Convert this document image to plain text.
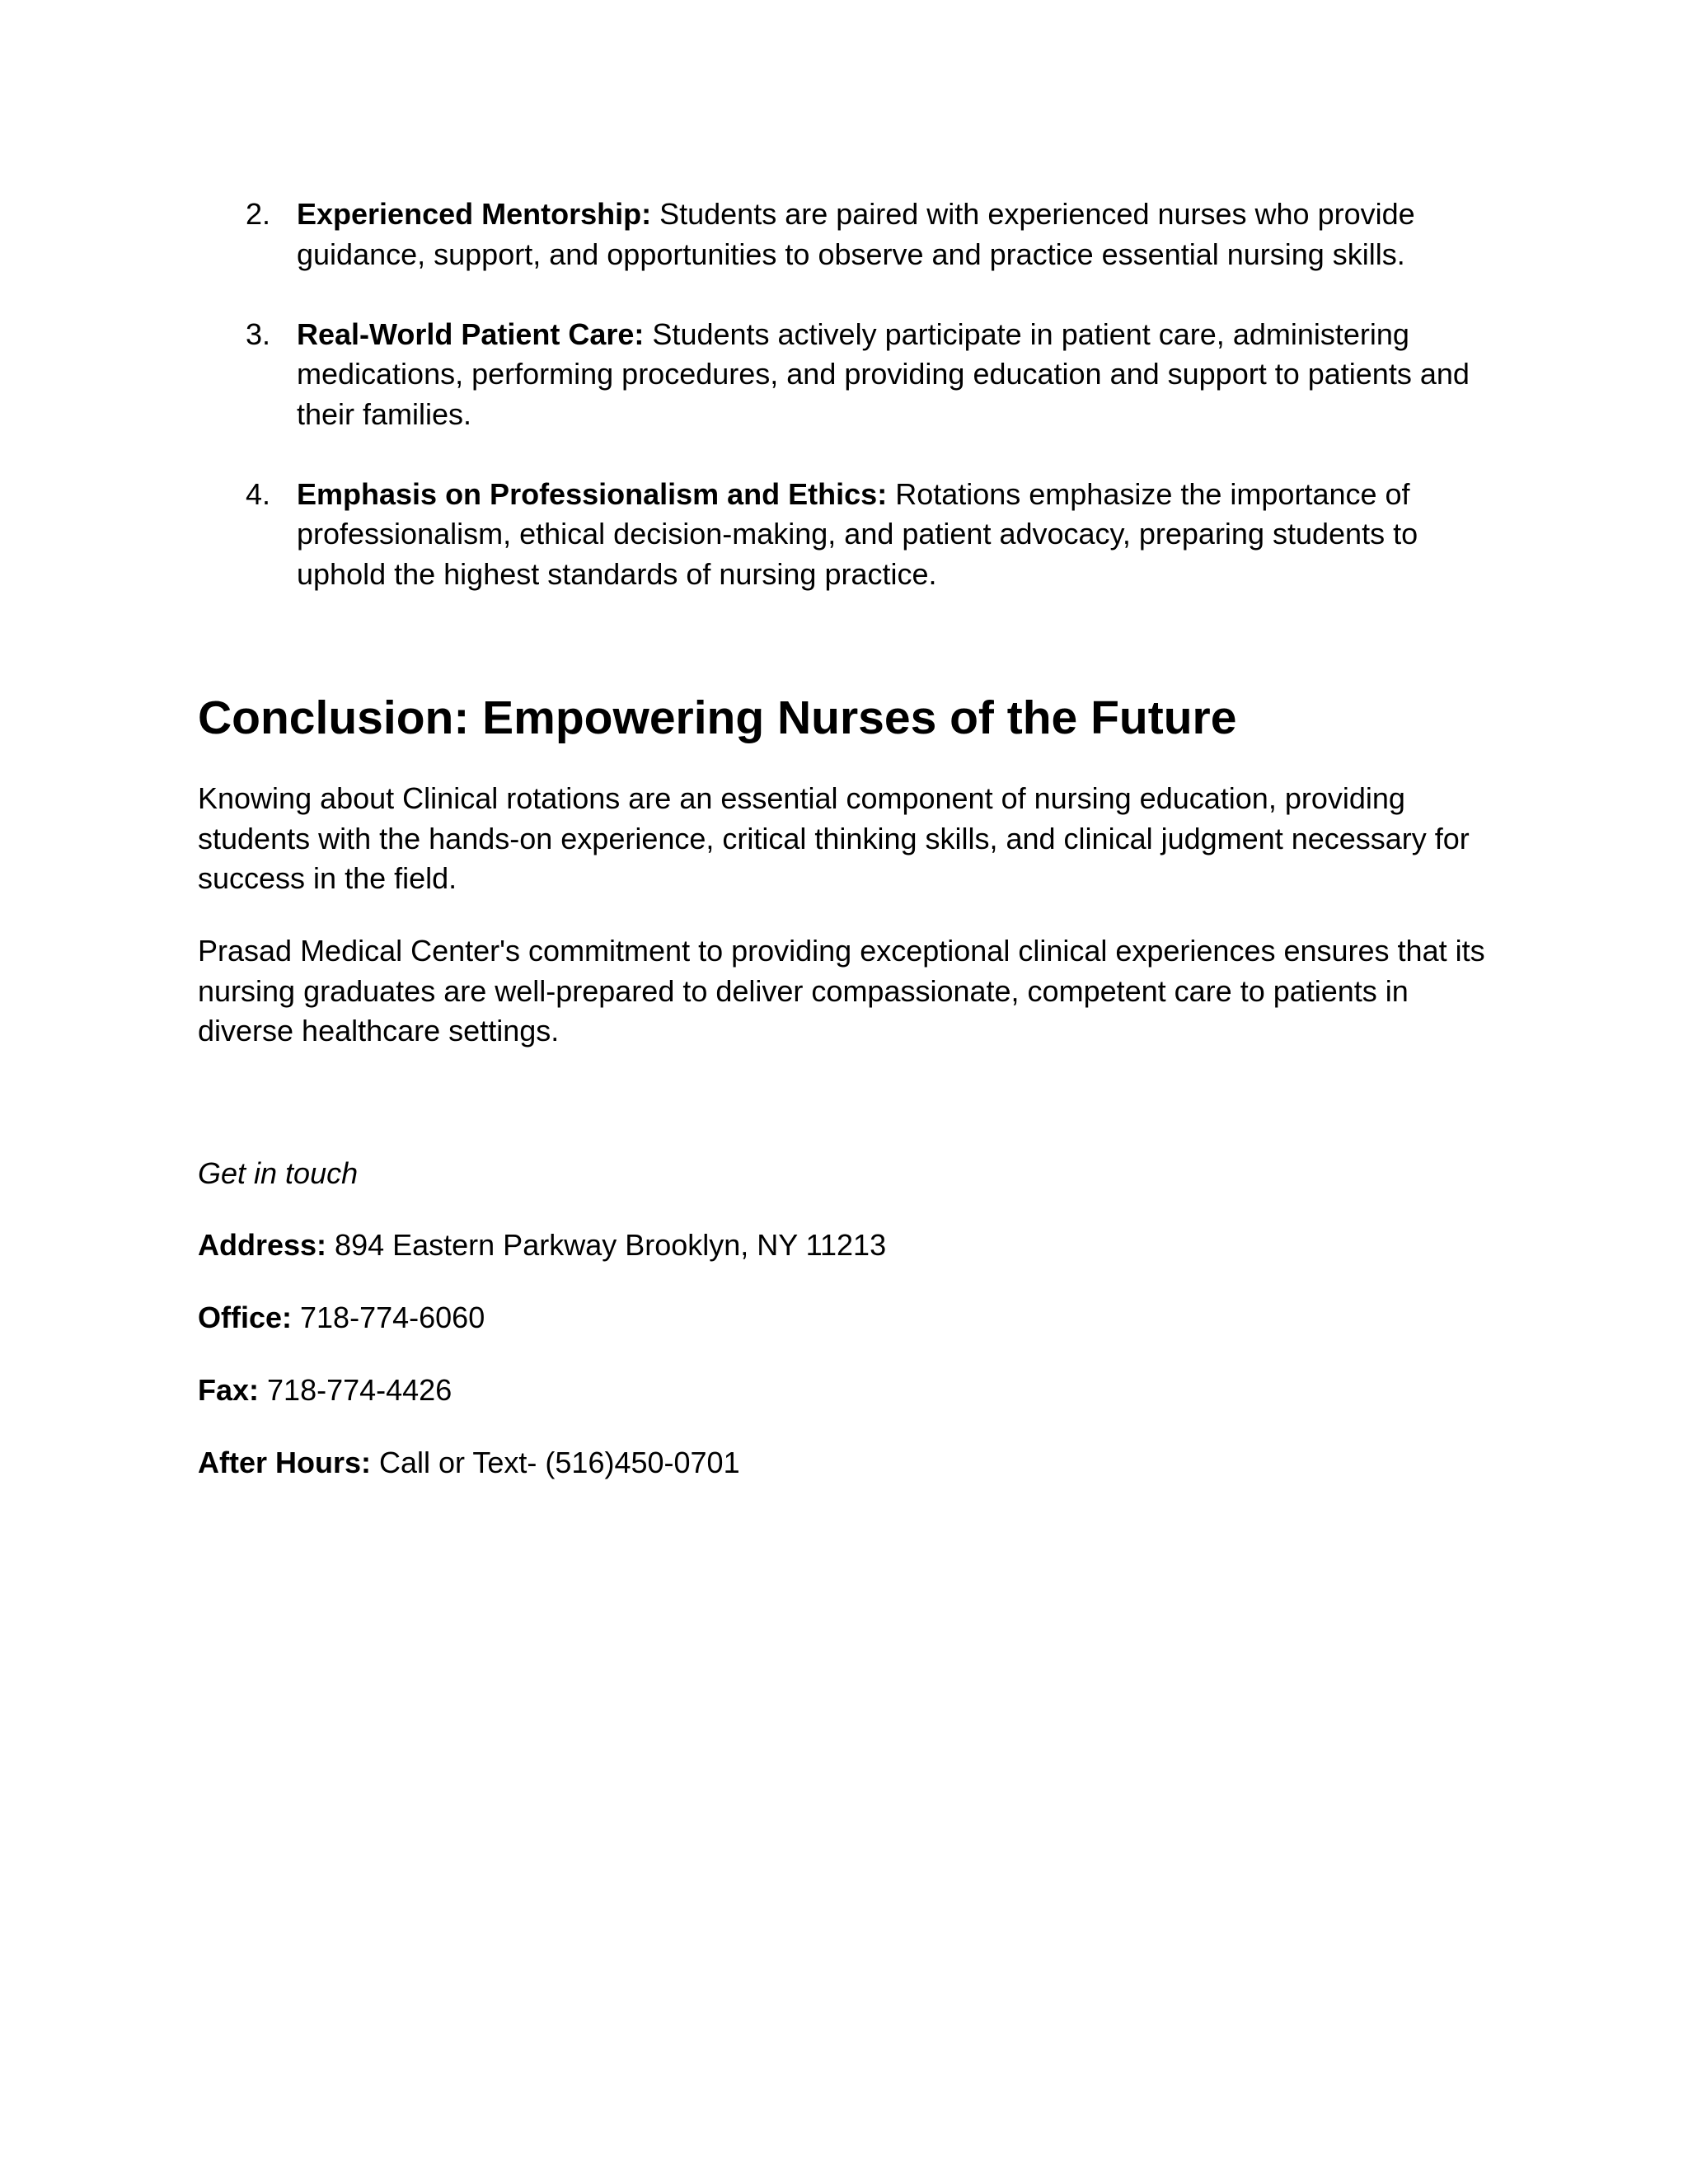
2. Experienced Mentorship: Students are paired with experienced nurses who provide guidance, support, and opportunities to observe and practice essential nursing skills.
3. Real-World Patient Care: Students actively participate in patient care, administering medications, performing procedures, and providing education and support to patients and their families.
4. Emphasis on Professionalism and Ethics: Rotations emphasize the importance of professionalism, ethical decision-making, and patient advocacy, preparing students to uphold the highest standards of nursing practice.
Conclusion: Empowering Nurses of the Future

Knowing about Clinical rotations are an essential component of nursing education, providing students with the hands-on experience, critical thinking skills, and clinical judgment necessary for success in the field.

Prasad Medical Center's commitment to providing exceptional clinical experiences ensures that its nursing graduates are well-prepared to deliver compassionate, competent care to patients in diverse healthcare settings.

Get in touch

Address: 894 Eastern Parkway Brooklyn, NY 11213

Office: 718-774-6060

Fax: 718-774-4426

After Hours: Call or Text- (516)450-0701
